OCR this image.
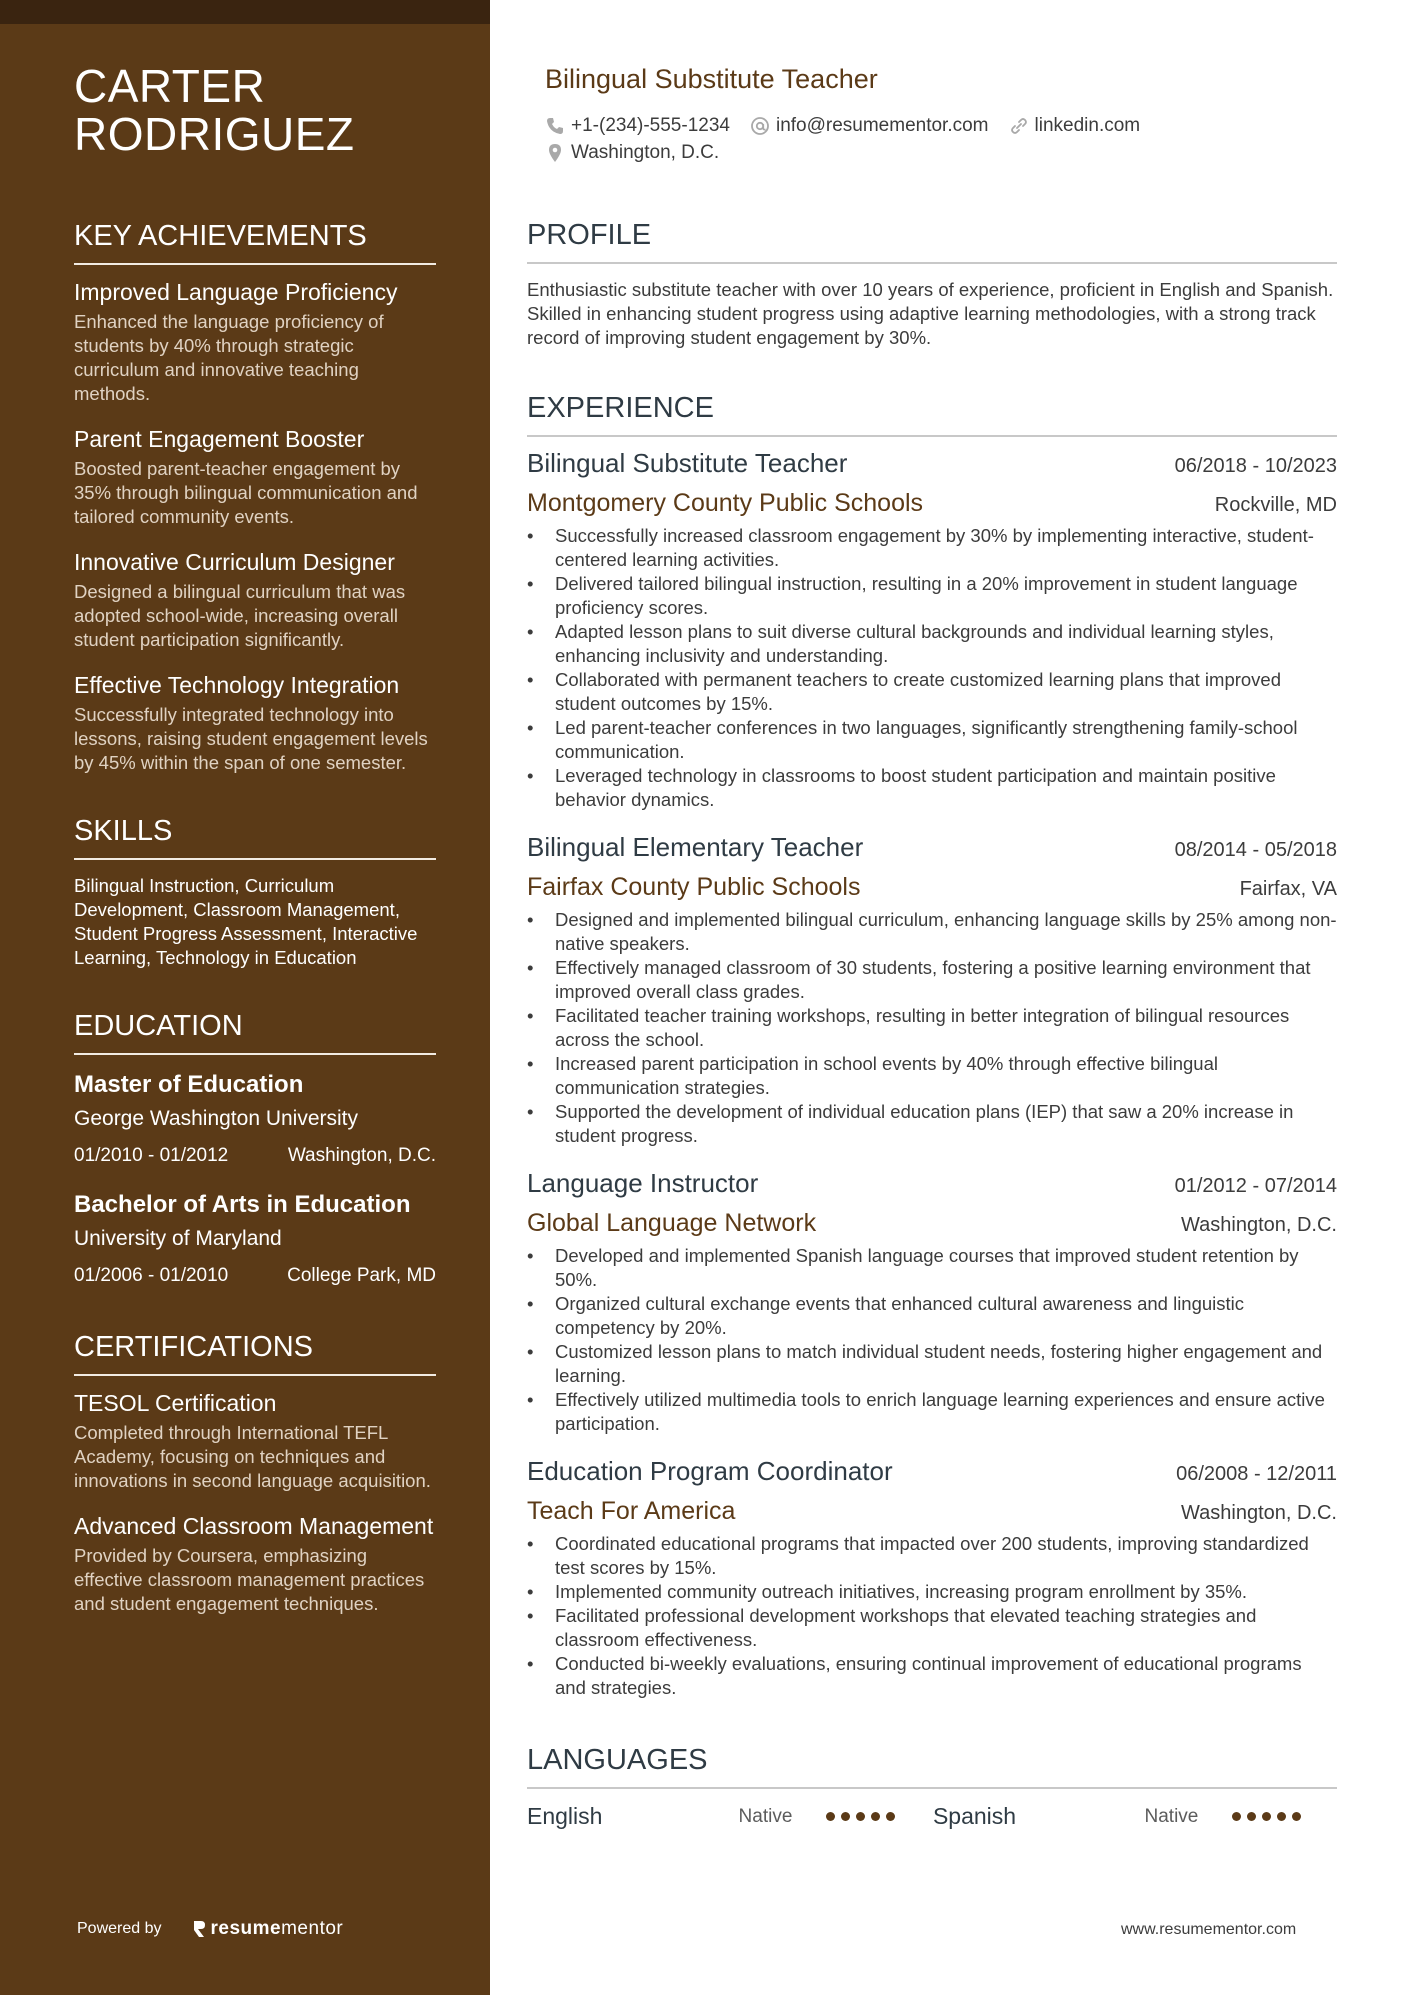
CARTER
RODRIGUEZ
KEY ACHIEVEMENTS

Improved Language Proficiency

Enhanced the language proficiency of students by 40% through strategic curriculum and innovative teaching methods.

Parent Engagement Booster

Boosted parent-teacher engagement by 35% through bilingual communication and tailored community events.

Innovative Curriculum Designer

Designed a bilingual curriculum that was adopted school-wide, increasing overall student participation significantly.

Effective Technology Integration

Successfully integrated technology into lessons, raising student engagement levels by 45% within the span of one semester.

SKILLS

Bilingual Instruction, Curriculum Development, Classroom Management, Student Progress Assessment, Interactive Learning, Technology in Education

EDUCATION

Master of Education

George Washington University

01/2010 - 01/2012	Washington, D.C.

Bachelor of Arts in Education

University of Maryland

01/2006 - 01/2010	College Park, MD
CERTIFICATIONS

TESOL Certification

Completed through International TEFL Academy, focusing on techniques and innovations in second language acquisition.

Advanced Classroom Management

Provided by Coursera, emphasizing effective classroom management practices and student engagement techniques.

Powered by	resumementor
Bilingual Substitute Teacher
+1-(234)-555-1234 info@resumementor.com linkedin.com
Washington, D.C.
PROFILE

Enthusiastic substitute teacher with over 10 years of experience, proficient in English and Spanish. Skilled in enhancing student progress using adaptive learning methodologies, with a strong track record of improving student engagement by 30%.

EXPERIENCE
Bilingual Substitute Teacher	06/2018 - 10/2023
Montgomery County Public Schools	Rockville, MD
• Successfully increased classroom engagement by 30% by implementing interactive, student-centered learning activities.
• Delivered tailored bilingual instruction, resulting in a 20% improvement in student language proficiency scores.
• Adapted lesson plans to suit diverse cultural backgrounds and individual learning styles, enhancing inclusivity and understanding.
• Collaborated with permanent teachers to create customized learning plans that improved student outcomes by 15%.
• Led parent-teacher conferences in two languages, significantly strengthening family-school communication.
• Leveraged technology in classrooms to boost student participation and maintain positive behavior dynamics.
Bilingual Elementary Teacher	08/2014 - 05/2018
Fairfax County Public Schools	Fairfax, VA
• Designed and implemented bilingual curriculum, enhancing language skills by 25% among non-native speakers.
• Effectively managed classroom of 30 students, fostering a positive learning environment that improved overall class grades.
• Facilitated teacher training workshops, resulting in better integration of bilingual resources across the school.
• Increased parent participation in school events by 40% through effective bilingual communication strategies.
• Supported the development of individual education plans (IEP) that saw a 20% increase in student progress.
Language Instructor	01/2012 - 07/2014
Global Language Network	Washington, D.C.
• Developed and implemented Spanish language courses that improved student retention by 50%.
• Organized cultural exchange events that enhanced cultural awareness and linguistic competency by 20%.
• Customized lesson plans to match individual student needs, fostering higher engagement and learning.
• Effectively utilized multimedia tools to enrich language learning experiences and ensure active participation.
Education Program Coordinator	06/2008 - 12/2011
Teach For America	Washington, D.C.
• Coordinated educational programs that impacted over 200 students, improving standardized test scores by 15%.
• Implemented community outreach initiatives, increasing program enrollment by 35%.
• Facilitated professional development workshops that elevated teaching strategies and classroom effectiveness.
• Conducted bi-weekly evaluations, ensuring continual improvement of educational programs and strategies.
LANGUAGES
English	Native	Spanish	Native
www.resumementor.com
